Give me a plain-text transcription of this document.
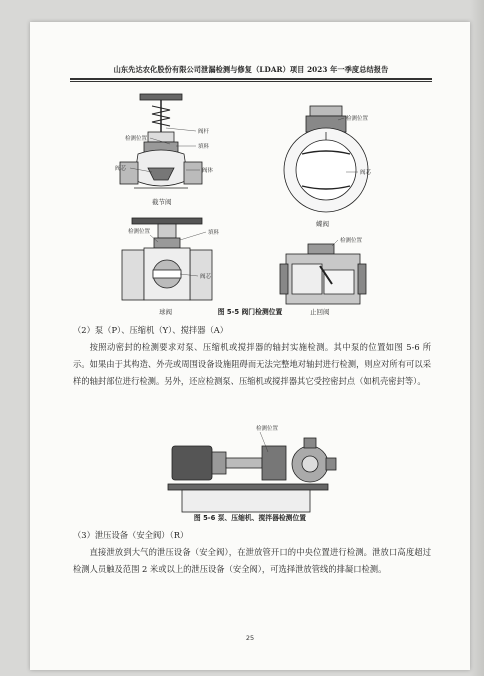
山东先达农化股份有限公司泄漏检测与修复（LDAR）项目 2023 年一季度总结报告
检测位置
阀杆
填料
阀芯	阀体
截节阀
检测位置
阀芯
蝶阀
检测位置	填料
阀芯
球阀
检测位置
止回阀
图 5-5 阀门检测位置
（2）泵（P）、压缩机（Y）、搅拌器（A）
按照动密封的检测要求对泵、压缩机或搅拌器的轴封实施检测。其中泵的位置如图 5-6 所示。如果由于其构造、外壳或周围设备设施阻碍而无法完整地对轴封进行检测，则应对所有可以采样的轴封部位进行检测。另外，还应检测泵、压缩机或搅拌器其它受控密封点（如机壳密封等）。
检测位置
图 5-6 泵、压缩机、搅拌器检测位置
（3）泄压设备（安全阀）（R）
直接泄放到大气的泄压设备（安全阀），在泄放管开口的中央位置进行检测。泄放口高度超过检测人员触及范围 2 米或以上的泄压设备（安全阀），可选择泄放管线的排凝口检测。
25
